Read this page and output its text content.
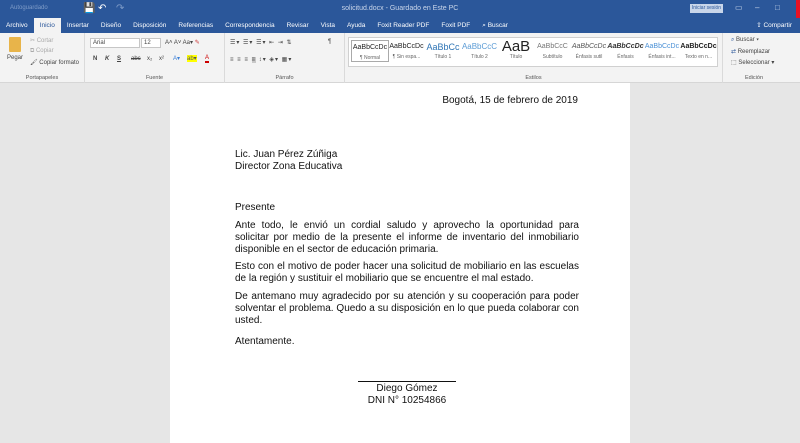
Autoguardado	💾 ↶ ↷	solicitud.docx - Guardado en Este PC	Iniciar sesión ▭ – □
Archivo	Inicio	Insertar	Diseño	Disposición	Referencias	Correspondencia	Revisar	Vista	Ayuda	Foxit Reader PDF	Foxit PDF	⌕ Buscar	⇪ Compartir
Pegar
✂ Cortar
⧉ Copiar
🖌 Copiar formato
Portapapeles
Arial	12	A˄ A˅ Aa▾ ✎
N K S abc x₂ x² A▾ ab▾ A
Fuente
☰▾ ☰▾ ☰▾ ⇤ ⇥ ⇅	¶
≡ ≡ ≡ ≡ ↕▾ ◈▾ ▦▾
Párrafo	Estilos
AaBbCcDc
¶ Normal
AaBbCcDc
¶ Sin espa...
AaBbCc
Título 1
AaBbCcC
Título 2
AaB
Título
AaBbCcC
Subtítulo
AaBbCcDc
Énfasis sutil
AaBbCcDc
Énfasis
AaBbCcDc
Énfasis int...
AaBbCcDc
Texto en n...
⌕ Buscar ▾
⇄ Reemplazar
⬚ Seleccionar ▾
Edición
Bogotá, 15 de febrero de 2019
Lic. Juan Pérez Zúñiga
Director Zona Educativa
Presente
Ante todo, le envió un cordial saludo y aprovecho la oportunidad para solicitar por medio de la presente el informe de inventario del inmobiliario disponible en el sector de educación primaria.
Esto con el motivo de poder hacer una solicitud de mobiliario en las escuelas de la región y sustituir el mobiliario que se encuentre el mal estado.
De antemano muy agradecido por su atención y su cooperación para poder solventar el problema. Quedo a su disposición en lo que pueda colaborar con usted.
Atentamente.
Diego Gómez
DNI N° 10254866
